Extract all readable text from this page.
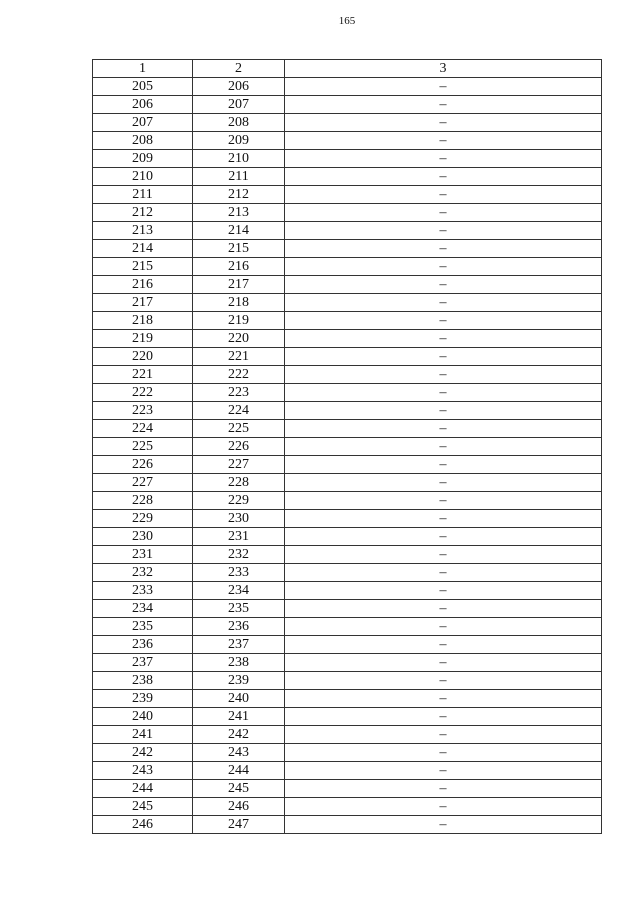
165
1	2	3
205	206	–
206	207	–
207	208	–
208	209	–
209	210	–
210	211	–
211	212	–
212	213	–
213	214	–
214	215	–
215	216	–
216	217	–
217	218	–
218	219	–
219	220	–
220	221	–
221	222	–
222	223	–
223	224	–
224	225	–
225	226	–
226	227	–
227	228	–
228	229	–
229	230	–
230	231	–
231	232	–
232	233	–
233	234	–
234	235	–
235	236	–
236	237	–
237	238	–
238	239	–
239	240	–
240	241	–
241	242	–
242	243	–
243	244	–
244	245	–
245	246	–
246	247	–
